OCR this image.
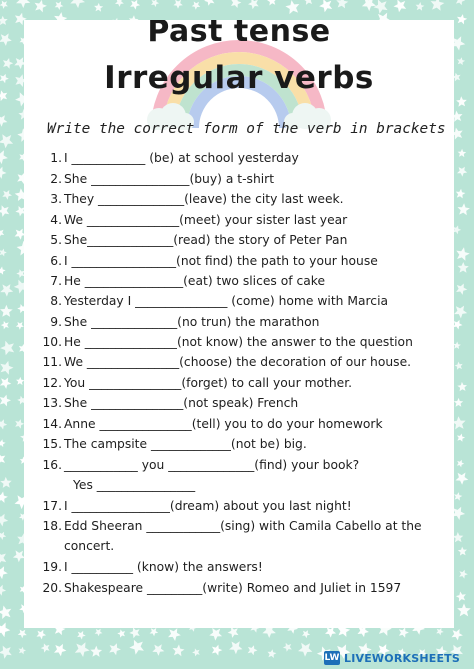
Past tense
Irregular verbs
Write the correct form of the verb in brackets
1. I ____________ (be) at school yesterday
2. She ________________(buy) a t-shirt
3. They ______________(leave) the city last week.
4. We _______________(meet) your sister last year
5. She______________(read) the story of Peter Pan
6. I _________________(not find) the path to your house
7. He ________________(eat) two slices of cake
8. Yesterday I _______________ (come) home with Marcia
9. She ______________(no trun) the marathon
10. He _______________(not know) the answer to the question
11. We _______________(choose) the decoration of our house.
12. You _______________(forget) to call your mother.
13. She _______________(not speak) French
14. Anne _______________(tell) you to do your homework
15. The campsite _____________(not be) big.
16. ____________ you ______________(find) your book?
Yes ________________
17. I ________________(dream) about you last night!
18. Edd Sheeran ____________(sing) with Camila Cabello at the
concert.
19. I __________ (know) the answers!
20. Shakespeare _________(write) Romeo and Juliet in 1597
LW LIVEWORKSHEETS
